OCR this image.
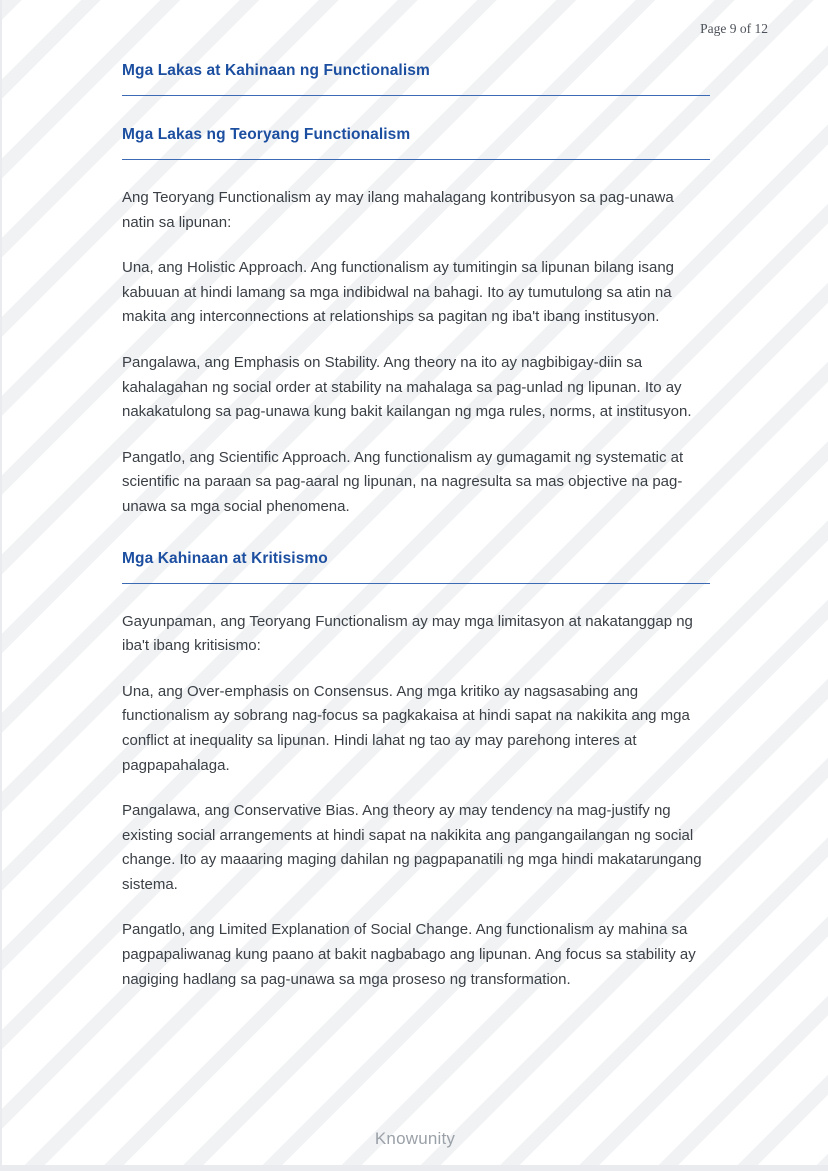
Page 9 of 12
Mga Lakas at Kahinaan ng Functionalism
Mga Lakas ng Teoryang Functionalism

Ang Teoryang Functionalism ay may ilang mahalagang kontribusyon sa pag-unawa natin sa lipunan:

Una, ang Holistic Approach. Ang functionalism ay tumitingin sa lipunan bilang isang kabuuan at hindi lamang sa mga indibidwal na bahagi. Ito ay tumutulong sa atin na makita ang interconnections at relationships sa pagitan ng iba't ibang institusyon.

Pangalawa, ang Emphasis on Stability. Ang theory na ito ay nagbibigay-diin sa kahalagahan ng social order at stability na mahalaga sa pag-unlad ng lipunan. Ito ay nakakatulong sa pag-unawa kung bakit kailangan ng mga rules, norms, at institusyon.

Pangatlo, ang Scientific Approach. Ang functionalism ay gumagamit ng systematic at scientific na paraan sa pag-aaral ng lipunan, na nagresulta sa mas objective na pag-unawa sa mga social phenomena.

Mga Kahinaan at Kritisismo

Gayunpaman, ang Teoryang Functionalism ay may mga limitasyon at nakatanggap ng iba't ibang kritisismo:

Una, ang Over-emphasis on Consensus. Ang mga kritiko ay nagsasabing ang functionalism ay sobrang nag-focus sa pagkakaisa at hindi sapat na nakikita ang mga conflict at inequality sa lipunan. Hindi lahat ng tao ay may parehong interes at pagpapahalaga.

Pangalawa, ang Conservative Bias. Ang theory ay may tendency na mag-justify ng existing social arrangements at hindi sapat na nakikita ang pangangailangan ng social change. Ito ay maaaring maging dahilan ng pagpapanatili ng mga hindi makatarungang sistema.

Pangatlo, ang Limited Explanation of Social Change. Ang functionalism ay mahina sa pagpapaliwanag kung paano at bakit nagbabago ang lipunan. Ang focus sa stability ay nagiging hadlang sa pag-unawa sa mga proseso ng transformation.

Knowunity
